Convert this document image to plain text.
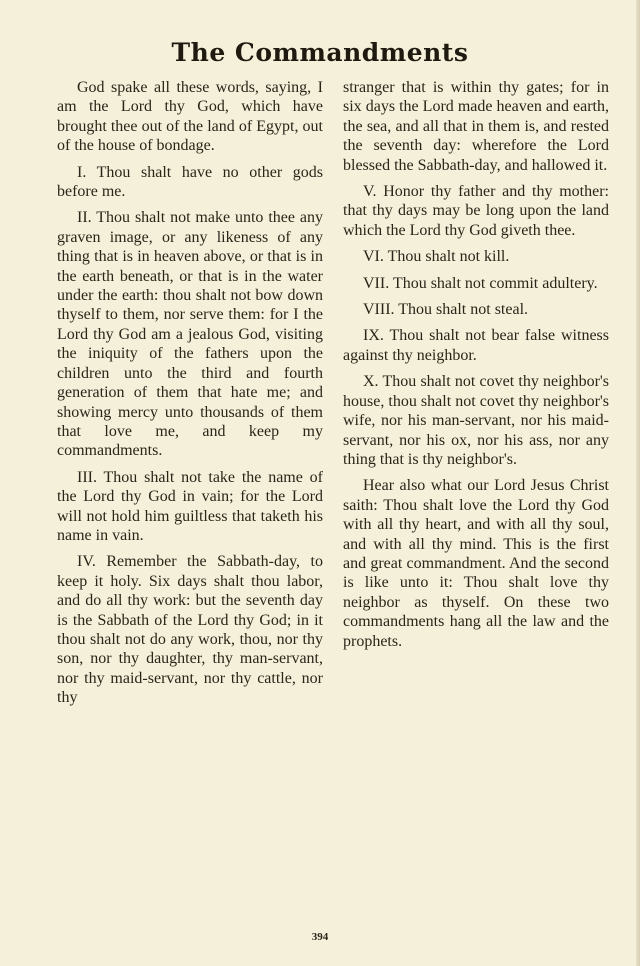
The Commandments

God spake all these words, saying, I am the Lord thy God, which have brought thee out of the land of Egypt, out of the house of bondage.

I. Thou shalt have no other gods before me.

II. Thou shalt not make unto thee any graven image, or any likeness of any thing that is in heaven above, or that is in the earth beneath, or that is in the water under the earth: thou shalt not bow down thyself to them, nor serve them: for I the Lord thy God am a jealous God, visiting the iniquity of the fathers upon the children unto the third and fourth generation of them that hate me; and showing mercy unto thousands of them that love me, and keep my commandments.

III. Thou shalt not take the name of the Lord thy God in vain; for the Lord will not hold him guiltless that taketh his name in vain.

IV. Remember the Sabbath-day, to keep it holy. Six days shalt thou labor, and do all thy work: but the seventh day is the Sabbath of the Lord thy God; in it thou shalt not do any work, thou, nor thy son, nor thy daughter, thy man-servant, nor thy maid-servant, nor thy cattle, nor thy

stranger that is within thy gates; for in six days the Lord made heaven and earth, the sea, and all that in them is, and rested the seventh day: wherefore the Lord blessed the Sabbath-day, and hallowed it.

V. Honor thy father and thy mother: that thy days may be long upon the land which the Lord thy God giveth thee.

VI. Thou shalt not kill.

VII. Thou shalt not commit adultery.

VIII. Thou shalt not steal.

IX. Thou shalt not bear false witness against thy neighbor.

X. Thou shalt not covet thy neighbor's house, thou shalt not covet thy neighbor's wife, nor his man-servant, nor his maid-servant, nor his ox, nor his ass, nor any thing that is thy neighbor's.

Hear also what our Lord Jesus Christ saith: Thou shalt love the Lord thy God with all thy heart, and with all thy soul, and with all thy mind. This is the first and great commandment. And the second is like unto it: Thou shalt love thy neighbor as thyself. On these two commandments hang all the law and the prophets.

394
